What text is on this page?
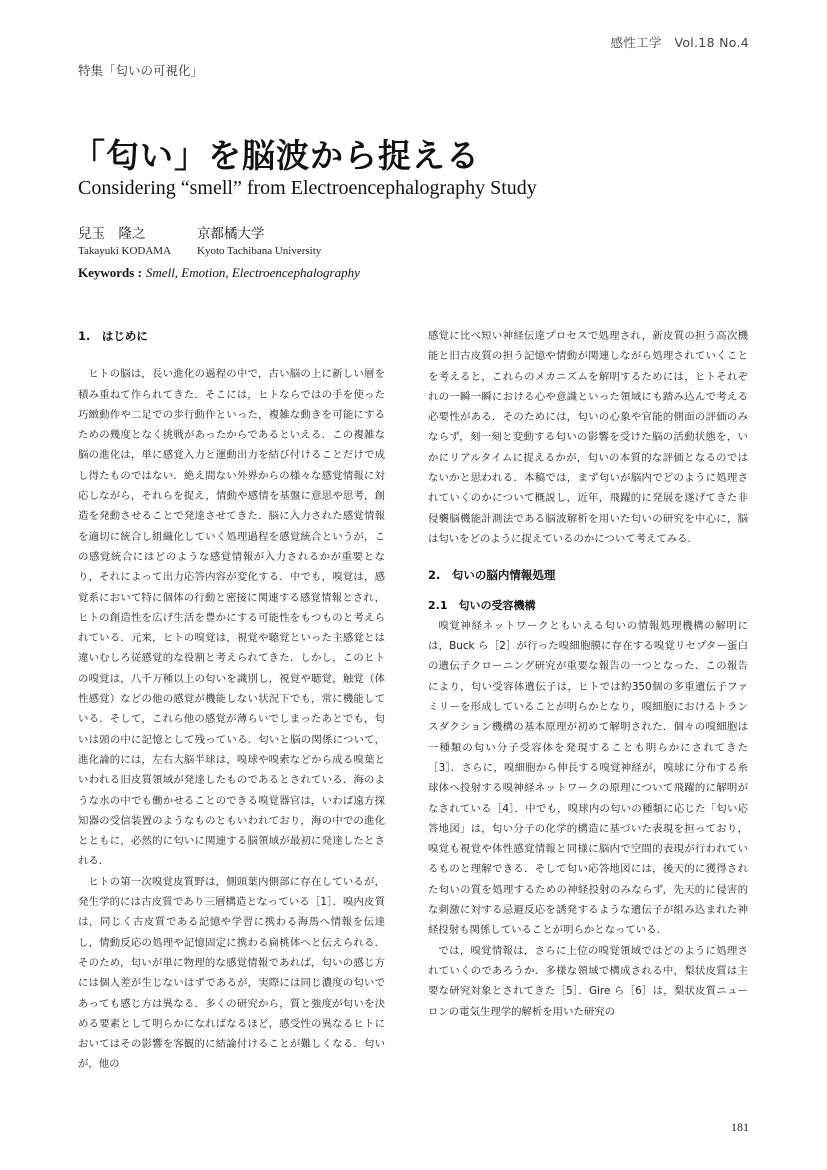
感性工学　Vol.18 No.4
特集「匂いの可視化」
「匂い」を脳波から捉える
Considering “smell” from Electroencephalography Study
兒玉　隆之
Takayuki KODAMA
京都橘大学
Kyoto Tachibana University
Keywords : Smell, Emotion, Electroencephalography
1.　はじめに

ヒトの脳は，長い進化の過程の中で，古い脳の上に新しい層を積み重ねて作られてきた．そこには，ヒトならではの手を使った巧緻動作や二足での歩行動作といった，複雑な動きを可能にするための幾度となく挑戦があったからであるといえる．この複雑な脳の進化は，単に感覚入力と運動出力を結び付けることだけで成し得たものではない．絶え間ない外界からの様々な感覚情報に対応しながら，それらを捉え，情動や感情を基盤に意思や思考，創造を発動させることで発達させてきた．脳に入力された感覚情報を適切に統合し組織化していく処理過程を感覚統合というが，この感覚統合にはどのような感覚情報が入力されるかが重要となり，それによって出力応答内容が変化する．中でも，嗅覚は，感覚系において特に個体の行動と密接に関連する感覚情報とされ，ヒトの創造性を広げ生活を豊かにする可能性をもつものと考えられている．元来，ヒトの嗅覚は，視覚や聴覚といった主感覚とは違いむしろ従感覚的な役割と考えられてきた．しかし，このヒトの嗅覚は，八千万種以上の匂いを識別し，視覚や聴覚，触覚（体性感覚）などの他の感覚が機能しない状況下でも，常に機能している．そして，これら他の感覚が薄らいでしまったあとでも，匂いは頭の中に記憶として残っている．匂いと脳の関係について，進化論的には，左右大脳半球は，嗅球や嗅索などから成る嗅葉といわれる旧皮質領域が発達したものであるとされている．海のような水の中でも働かせることのできる嗅覚器官は，いわば遠方探知器の受信装置のようなものともいわれており，海の中での進化とともに，必然的に匂いに関連する脳領域が最初に発達したとされる．

ヒトの第一次嗅覚皮質野は，側頭葉内側部に存在しているが，発生学的には古皮質であり三層構造となっている［1］．嗅内皮質は，同じく古皮質である記憶や学習に携わる海馬へ情報を伝達し，情動反応の処理や記憶固定に携わる扁桃体へと伝えられる．そのため，匂いが単に物理的な感覚情報であれば，匂いの感じ方には個人差が生じないはずであるが，実際には同じ濃度の匂いであっても感じ方は異なる．多くの研究から，質と強度が匂いを決める要素として明らかになればなるほど，感受性の異なるヒトにおいてはその影響を客観的に結論付けることが難しくなる．匂いが，他の

感覚に比べ短い神経伝達プロセスで処理され，新皮質の担う高次機能と旧古皮質の担う記憶や情動が関連しながら処理されていくことを考えると，これらのメカニズムを解明するためには，ヒトそれぞれの一瞬一瞬における心や意識といった領域にも踏み込んで考える必要性がある．そのためには，匂いの心象や官能的側面の評価のみならず，刻一刻と変動する匂いの影響を受けた脳の活動状態を，いかにリアルタイムに捉えるかが，匂いの本質的な評価となるのではないかと思われる．本稿では，まず匂いが脳内でどのように処理されていくのかについて概説し，近年，飛躍的に発展を遂げてきた非侵襲脳機能計測法である脳波解析を用いた匂いの研究を中心に，脳は匂いをどのように捉えているのかについて考えてみる．

2.　匂いの脳内情報処理
2.1　匂いの受容機構

嗅覚神経ネットワークともいえる匂いの情報処理機構の解明には，Buck ら［2］が行った嗅細胞膜に存在する嗅覚リセプター蛋白の遺伝子クローニング研究が重要な報告の一つとなった．この報告により，匂い受容体遺伝子は，ヒトでは約350個の多重遺伝子ファミリーを形成していることが明らかとなり，嗅細胞におけるトランスダクション機構の基本原理が初めて解明された．個々の嗅細胞は一種類の匂い分子受容体を発現することも明らかにされてきた［3］．さらに，嗅細胞から伸長する嗅覚神経が，嗅球に分布する糸球体へ投射する嗅神経ネットワークの原理について飛躍的に解明がなされている［4］．中でも，嗅球内の匂いの種類に応じた「匂い応答地図」は，匂い分子の化学的構造に基づいた表現を担っており，嗅覚も視覚や体性感覚情報と同様に脳内で空間的表現が行われているものと理解できる．そして匂い応答地図には，後天的に獲得された匂いの質を処理するための神経投射のみならず，先天的に侵害的な刺激に対する忌避反応を誘発するような遺伝子が組み込まれた神経投射も関係していることが明らかとなっている．

では，嗅覚情報は，さらに上位の嗅覚領域ではどのように処理されていくのであろうか．多様な領域で構成される中，梨状皮質は主要な研究対象とされてきた［5］．Gire ら［6］は，梨状皮質ニューロンの電気生理学的解析を用いた研究の

181
